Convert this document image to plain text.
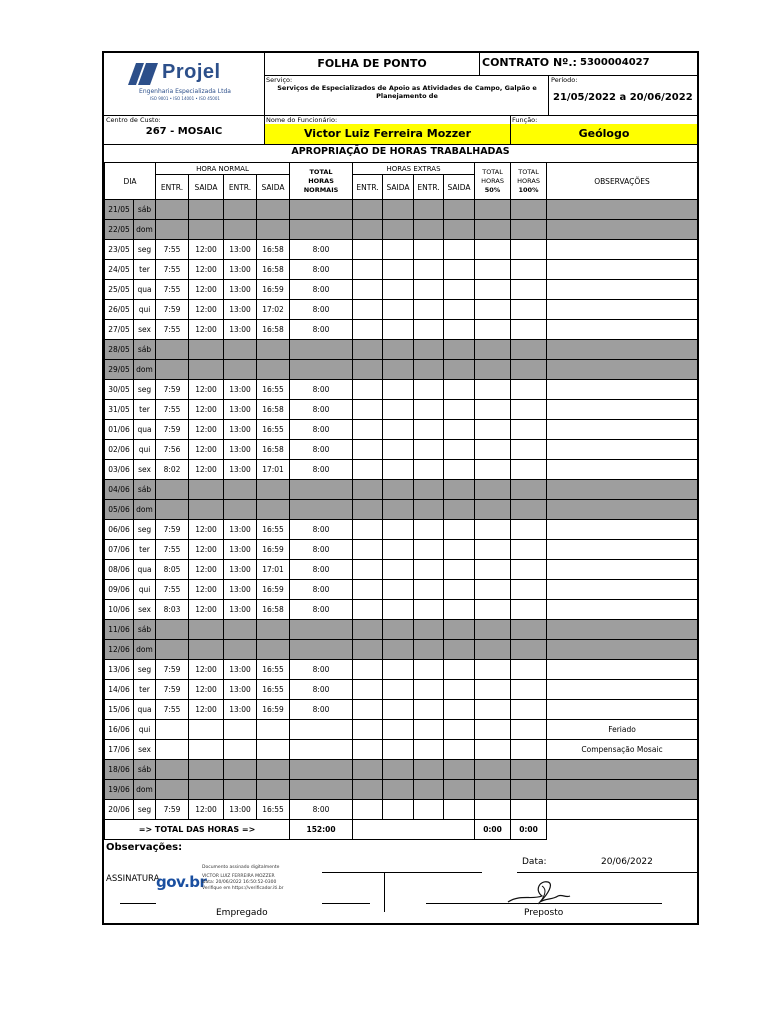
Projel
Engenharia Especializada Ltda
ISO 9001 • ISO 14001 • ISO 45001
FOLHA DE PONTO	CONTRATO Nº.: 5300004027
Serviço:
Serviços de Especializados de Apoio as Atividades de Campo, Galpão e Planejamento de
Período:
21/05/2022 a 20/06/2022
Centro de Custo:
267 - MOSAIC
Nome do Funcionário:
Victor Luiz Ferreira Mozzer
Função:
Geólogo
APROPRIAÇÃO DE HORAS TRABALHADAS
DIA		HORA NORMAL				TOTAL
HORAS
NORMAIS	HORAS EXTRAS				TOTAL
HORAS
50%	TOTAL
HORAS
100%	OBSERVAÇÕES
		ENTR.	SAIDA	ENTR.	SAIDA		ENTR.	SAIDA	ENTR.	SAIDA			
21/05	sáb												
22/05	dom												
23/05	seg	7:55	12:00	13:00	16:58	8:00							
24/05	ter	7:55	12:00	13:00	16:58	8:00							
25/05	qua	7:55	12:00	13:00	16:59	8:00							
26/05	qui	7:59	12:00	13:00	17:02	8:00							
27/05	sex	7:55	12:00	13:00	16:58	8:00							
28/05	sáb												
29/05	dom												
30/05	seg	7:59	12:00	13:00	16:55	8:00							
31/05	ter	7:55	12:00	13:00	16:58	8:00							
01/06	qua	7:59	12:00	13:00	16:55	8:00							
02/06	qui	7:56	12:00	13:00	16:58	8:00							
03/06	sex	8:02	12:00	13:00	17:01	8:00							
04/06	sáb												
05/06	dom												
06/06	seg	7:59	12:00	13:00	16:55	8:00							
07/06	ter	7:55	12:00	13:00	16:59	8:00							
08/06	qua	8:05	12:00	13:00	17:01	8:00							
09/06	qui	7:55	12:00	13:00	16:59	8:00							
10/06	sex	8:03	12:00	13:00	16:58	8:00							
11/06	sáb												
12/06	dom												
13/06	seg	7:59	12:00	13:00	16:55	8:00							
14/06	ter	7:59	12:00	13:00	16:55	8:00							
15/06	qua	7:55	12:00	13:00	16:59	8:00							
16/06	qui												Feriado
17/06	sex												Compensação Mosaic
18/06	sáb												
19/06	dom												
20/06	seg	7:59	12:00	13:00	16:55	8:00							
=> TOTAL DAS HORAS =>						152:00					0:00	0:00	
Observações:
Data:	20/06/2022
ASSINATURA
gov.br
Documento assinado digitalmente
VICTOR LUIZ FERREIRA MOZZER
Data: 20/06/2022 16:50:52-0300
Verifique em https://verificador.iti.br
Empregado	Preposto
